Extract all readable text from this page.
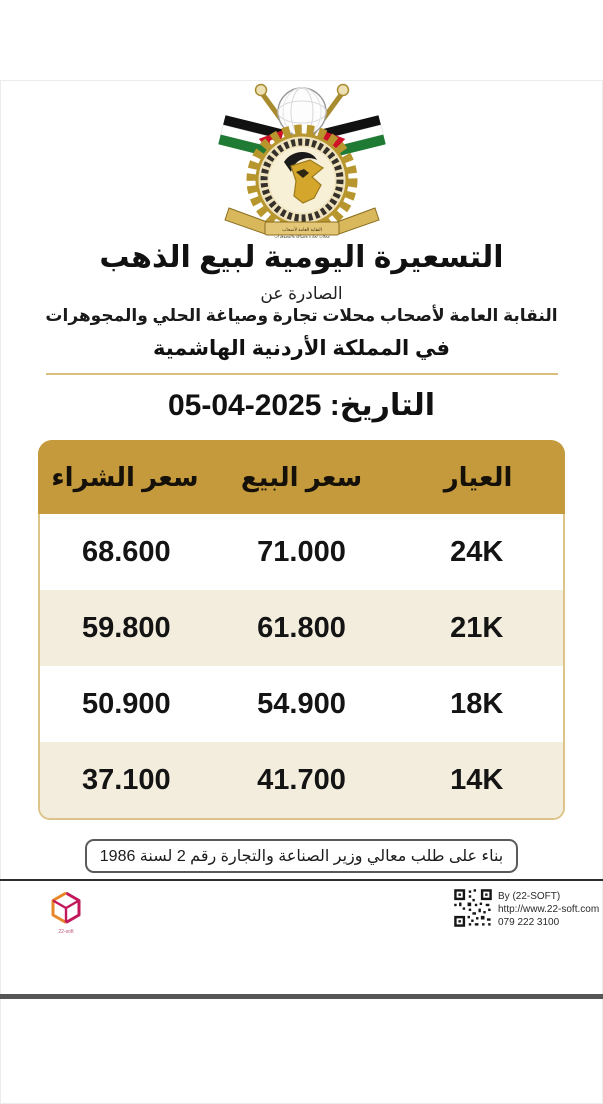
النقابة العامة لأصحاب
محلات تجارة وصياغة والمجوهرات
التسعيرة اليومية لبيع الذهب
الصادرة عن
النقابة العامة لأصحاب محلات تجارة وصياغة الحلي والمجوهرات
في المملكة الأردنية الهاشمية
التاريخ: 05-04-2025
العيار
سعر البيع
سعر الشراء
24K
71.000
68.600
21K
61.800
59.800
18K
54.900
50.900
14K
41.700
37.100
بناء على طلب معالي وزير الصناعة والتجارة رقم 2 لسنة 1986
22-soft
By (22-SOFT)
http://www.22-soft.com
079 222 3100
